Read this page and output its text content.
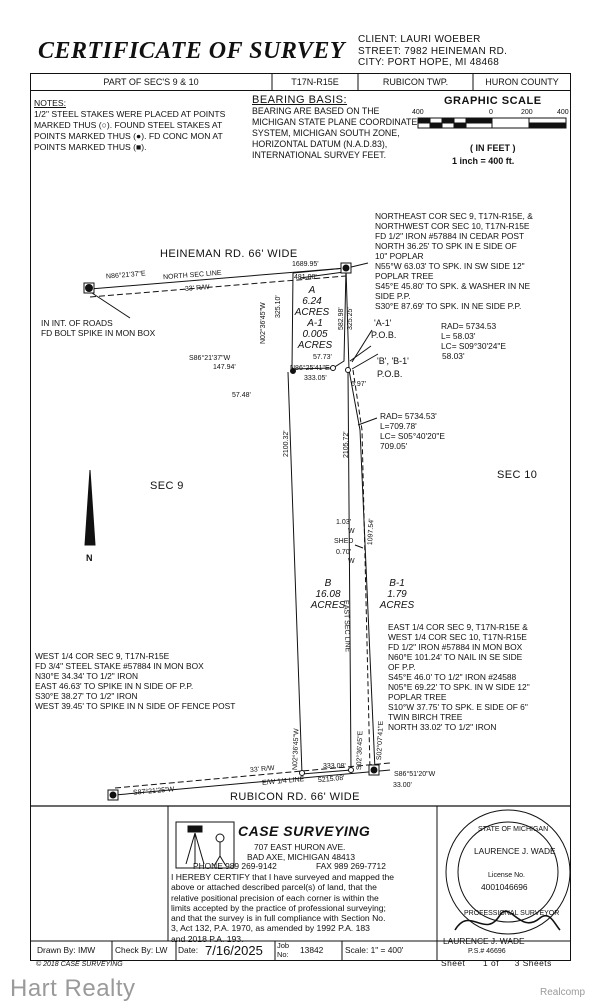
CERTIFICATE OF SURVEY CLIENT: LAURI WOEBER
STREET: 7982 HEINEMAN RD.
CITY: PORT HOPE, MI 48468
PART OF SEC'S 9 & 10	T17N-R15E	RUBICON TWP.	HURON COUNTY
NOTES:
1/2" STEEL STAKES WERE PLACED AT POINTS
MARKED THUS (○). FOUND STEEL STAKES AT
POINTS MARKED THUS (●). FD CONC MON AT
POINTS MARKED THUS (■).
BEARING BASIS:
BEARING ARE BASED ON THE
MICHIGAN STATE PLANE COORDINATE
SYSTEM, MICHIGAN SOUTH ZONE,
HORIZONTAL DATUM (N.A.D.83),
INTERNATIONAL SURVEY FEET.
GRAPHIC SCALE
400	0	200	400
( IN FEET )
1 inch = 400 ft.
NORTHEAST COR SEC 9, T17N-R15E, &
NORTHWEST COR SEC 10, T17N-R15E
FD 1/2" IRON #57884 IN CEDAR POST
NORTH 36.25' TO SPK IN E SIDE OF
10" POPLAR
N55°W 63.03' TO SPK. IN SW SIDE 12"
POPLAR TREE
S45°E 45.80' TO SPK. & WASHER IN NE
SIDE P.P.
S30°E 87.69' TO SPK. IN NE SIDE P.P.
HEINEMAN RD. 66' WIDE
RUBICON RD. 66' WIDE
NORTH SEC LINE
33' R/W
33' R/W
E/W 1/4 LINE
EAST SEC LINE
SEC 9
SEC 10
N
IN INT. OF ROADS
FD BOLT SPIKE IN MON BOX
A
6.24
ACRES
A-1
0.005
ACRES
B
16.08
ACRES
B-1
1.79
ACRES
N86°21'37"E
1689.95'
481.00'
325.10'
N02°36'45"W	582.98' 325.25'
S86°21'37"W
147.94'
57.73'
N86°25'41"E
333.05'
6.97'
57.48'
2100.32'	2105.72'
1.03'
W
SHED
0.70'
W
1097.54'
N02°36'45"W	S02°36'45"E S02°07'41"E
333.08'
5215.08'
S87°21'25"W
S86°51'20"W
33.00'
'A-1'
P.O.B.
'B', 'B-1'
P.O.B.
RAD= 5734.53
L= 58.03'
LC= S09°30'24"E
58.03'
RAD= 5734.53'
L=709.78'
LC= S05°40'20"E
709.05'
WEST 1/4 COR SEC 9, T17N-R15E
FD 3/4" STEEL STAKE #57884 IN MON BOX
N30°E 34.34' TO 1/2" IRON
EAST 46.63' TO SPIKE IN N SIDE OF P.P.
S30°E 38.27' TO 1/2" IRON
WEST 39.45' TO SPIKE IN N SIDE OF FENCE POST
EAST 1/4 COR SEC 9, T17N-R15E &
WEST 1/4 COR SEC 10, T17N-R15E
FD 1/2" IRON #57884 IN MON BOX
N60°E 101.24' TO NAIL IN SE SIDE
OF P.P.
S45°E 46.0' TO 1/2" IRON #24588
N05°E 69.22' TO SPK. IN W SIDE 12"
POPLAR TREE
S10°W 37.75' TO SPK. E SIDE OF 6"
TWIN BIRCH TREE
NORTH 33.02' TO 1/2" IRON
CASE SURVEYING
707 EAST HURON AVE.
BAD AXE, MICHIGAN 48413
PHONE 989 269-9142	FAX 989 269-7712
I HEREBY CERTIFY that I have surveyed and mapped the
above or attached described parcel(s) of land, that the
relative positional precision of each corner is within the
limits accepted by the practice of professional surveying;
and that the survey is in full compliance with Section No.
3, Act 132, P.A. 1970, as amended by 1992 P.A. 183
and 2018 P.A. 193.
STATE OF MICHIGAN
LAURENCE J. WADE
License No.
4001046696
PROFESSIONAL SURVEYOR
LAURENCE J. WADE
P.S.# 46696
Drawn By: IMW Check By: LW Date: 7/16/2025 Job
No: 13842	Scale: 1" = 400'
Sheet 1 of 3 Sheets
© 2018 CASE SURVEYING
Hart Realty	Realcomp
